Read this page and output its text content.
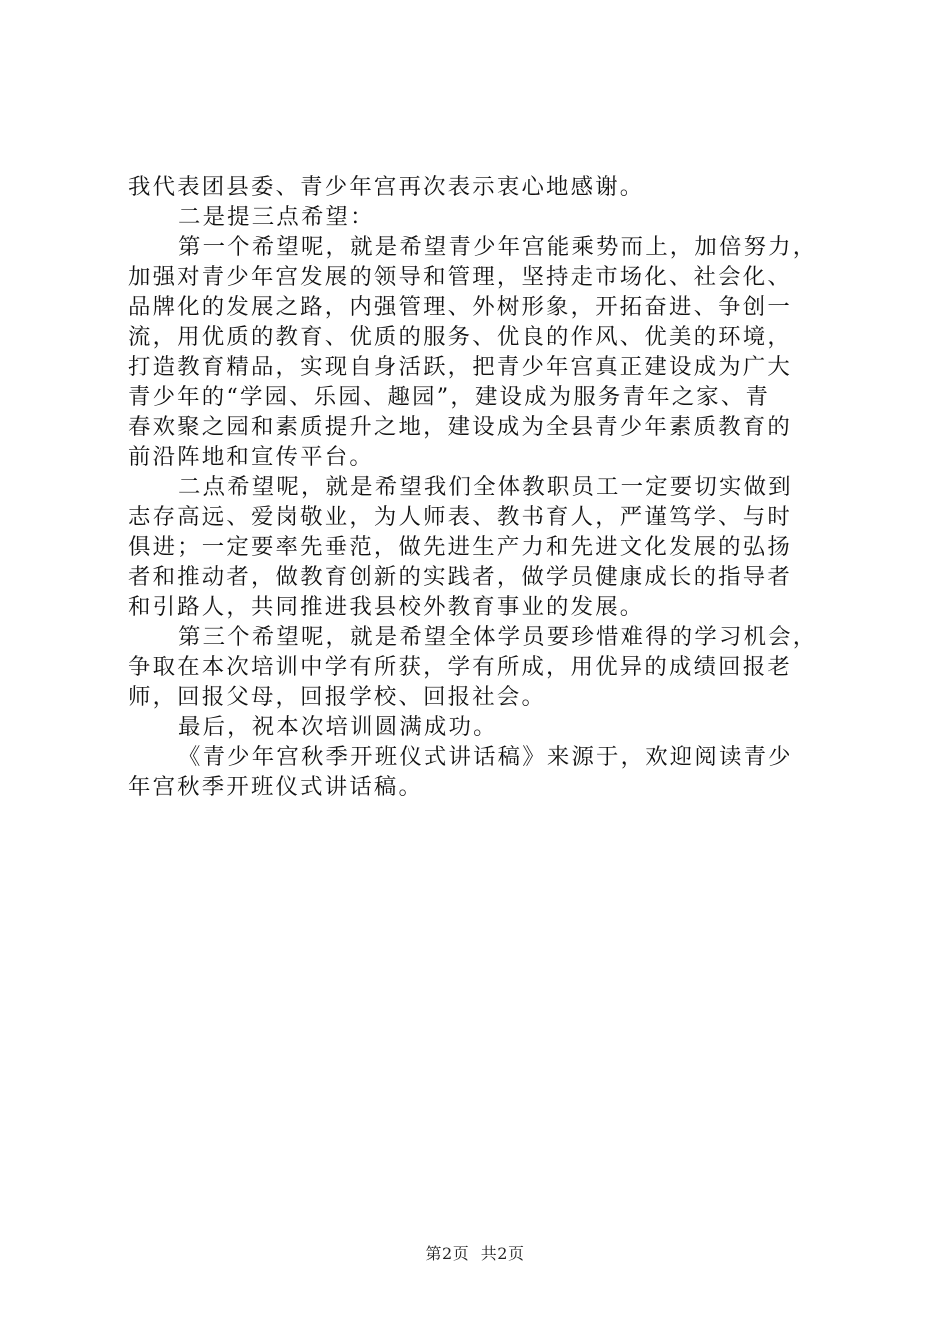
我代表团县委、青少年宫再次表示衷心地感谢。
二是提三点希望：
第一个希望呢，就是希望青少年宫能乘势而上，加倍努力，
加强对青少年宫发展的领导和管理，坚持走市场化、社会化、
品牌化的发展之路，内强管理、外树形象，开拓奋进、争创一
流，用优质的教育、优质的服务、优良的作风、优美的环境，
打造教育精品，实现自身活跃，把青少年宫真正建设成为广大
青少年的“学园、乐园、趣园”，建设成为服务青年之家、青
春欢聚之园和素质提升之地，建设成为全县青少年素质教育的
前沿阵地和宣传平台。
二点希望呢，就是希望我们全体教职员工一定要切实做到
志存高远、爱岗敬业，为人师表、教书育人，严谨笃学、与时
俱进；一定要率先垂范，做先进生产力和先进文化发展的弘扬
者和推动者，做教育创新的实践者，做学员健康成长的指导者
和引路人，共同推进我县校外教育事业的发展。
第三个希望呢，就是希望全体学员要珍惜难得的学习机会，
争取在本次培训中学有所获，学有所成，用优异的成绩回报老
师，回报父母，回报学校、回报社会。
最后，祝本次培训圆满成功。
《青少年宫秋季开班仪式讲话稿》来源于，欢迎阅读青少
年宫秋季开班仪式讲话稿。
第2页 共2页
